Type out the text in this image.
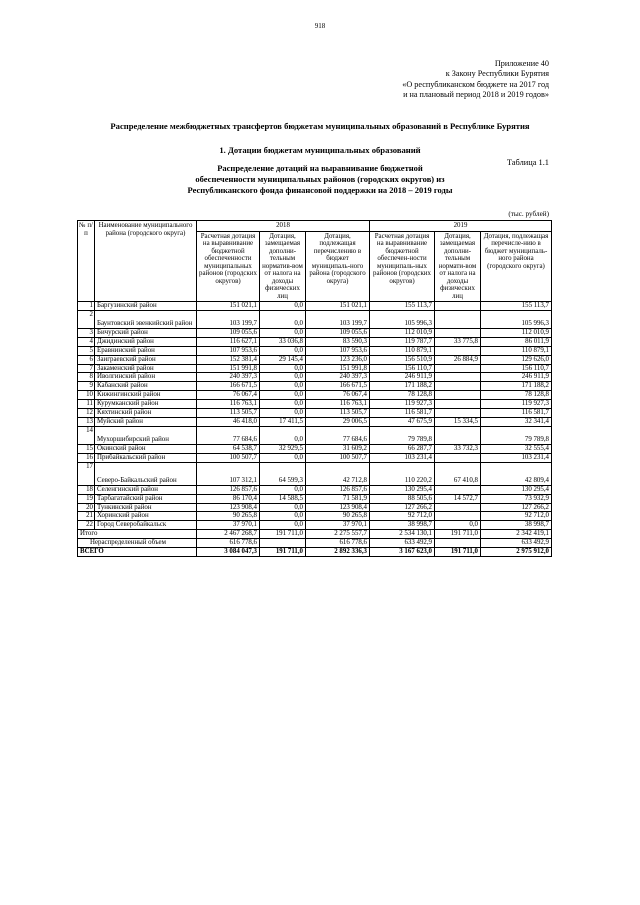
918
Приложение 40
к Закону Республики Бурятия
«О республиканском бюджете на 2017 год
и на плановый период 2018 и 2019 годов»
Распределение межбюджетных трансфертов бюджетам муниципальных образований в Республике Бурятия
1. Дотации бюджетам муниципальных образований
Таблица 1.1
Распределение дотаций на выравнивание бюджетной
обеспеченности муниципальных районов (городских округов) из
Республиканского фонда финансовой поддержки на 2018 – 2019 годы
(тыс. рублей)
№ п/п	Наименование муниципального района (городского округа)	2018			2019		
		Расчетная дотация на выравнивание бюджетной обеспеченности муниципальных районов (городских округов)	Дотация, замещаемая дополни-тельным норматив-вом от налога на доходы физических лиц	Дотация, подлежащая перечислению в бюджет муниципаль-ного района (городского округа)	Расчетная дотация на выравнивание бюджетной обеспечен-ности муниципаль-ных районов (городских округов)	Дотация, замещаемая дополни-тельным нормати-вом от налога на доходы физических лиц	Дотация, подлежащая перечисле-нию в бюджет муниципаль-ного района (городского округа)
1	Баргузинский район	151 021,1	0,0	151 021,1	155 113,7		155 113,7
2	Баунтовский эвенкийский район	103 199,7	0,0	103 199,7	105 996,3		105 996,3
3	Бичурский район	109 055,6	0,0	109 055,6	112 010,9		112 010,9
4	Джидинский район	116 627,1	33 036,8	83 590,3	119 787,7	33 775,8	86 011,9
5	Еравнинский район	107 953,6	0,0	107 953,6	110 879,1		110 879,1
6	Заиграевский район	152 381,4	29 145,4	123 236,0	156 510,9	26 884,9	129 626,0
7	Закаменский район	151 991,8	0,0	151 991,8	156 110,7		156 110,7
8	Иволгинский район	240 397,3	0,0	240 397,3	246 911,9		246 911,9
9	Кабанский район	166 671,5	0,0	166 671,5	171 188,2		171 188,2
10	Кижингинский район	76 067,4	0,0	76 067,4	78 128,8		78 128,8
11	Курумканский район	116 763,1	0,0	116 763,1	119 927,3		119 927,3
12	Кяхтинский район	113 505,7	0,0	113 505,7	116 581,7		116 581,7
13	Муйский район	46 418,0	17 411,5	29 006,5	47 675,9	15 334,5	32 341,4
14	Мухоршибирский район	77 684,6	0,0	77 684,6	79 789,8		79 789,8
15	Окинский район	64 538,7	32 929,5	31 609,2	66 287,7	33 732,3	32 555,4
16	Прибайкальский район	100 507,7	0,0	100 507,7	103 231,4		103 231,4
17	Северо-Байкальский район	107 312,1	64 599,3	42 712,8	110 220,2	67 410,8	42 809,4
18	Селенгинский район	126 857,6	0,0	126 857,6	130 295,4		130 295,4
19	Тарбагатайский район	86 170,4	14 588,5	71 581,9	88 505,6	14 572,7	73 932,9
20	Тункинский район	123 908,4	0,0	123 908,4	127 266,2		127 266,2
21	Хоринский район	90 265,8	0,0	90 265,8	92 712,0		92 712,0
22	Город Северобайкальск	37 970,1	0,0	37 970,1	38 998,7	0,0	38 998,7
Итого		2 467 268,7	191 711,0	2 275 557,7	2 534 130,1	191 711,0	2 342 419,1
Нераспределенный объем		616 778,6		616 778,6	633 492,9		633 492,9
ВСЕГО		3 084 047,3	191 711,0	2 892 336,3	3 167 623,0	191 711,0	2 975 912,0
